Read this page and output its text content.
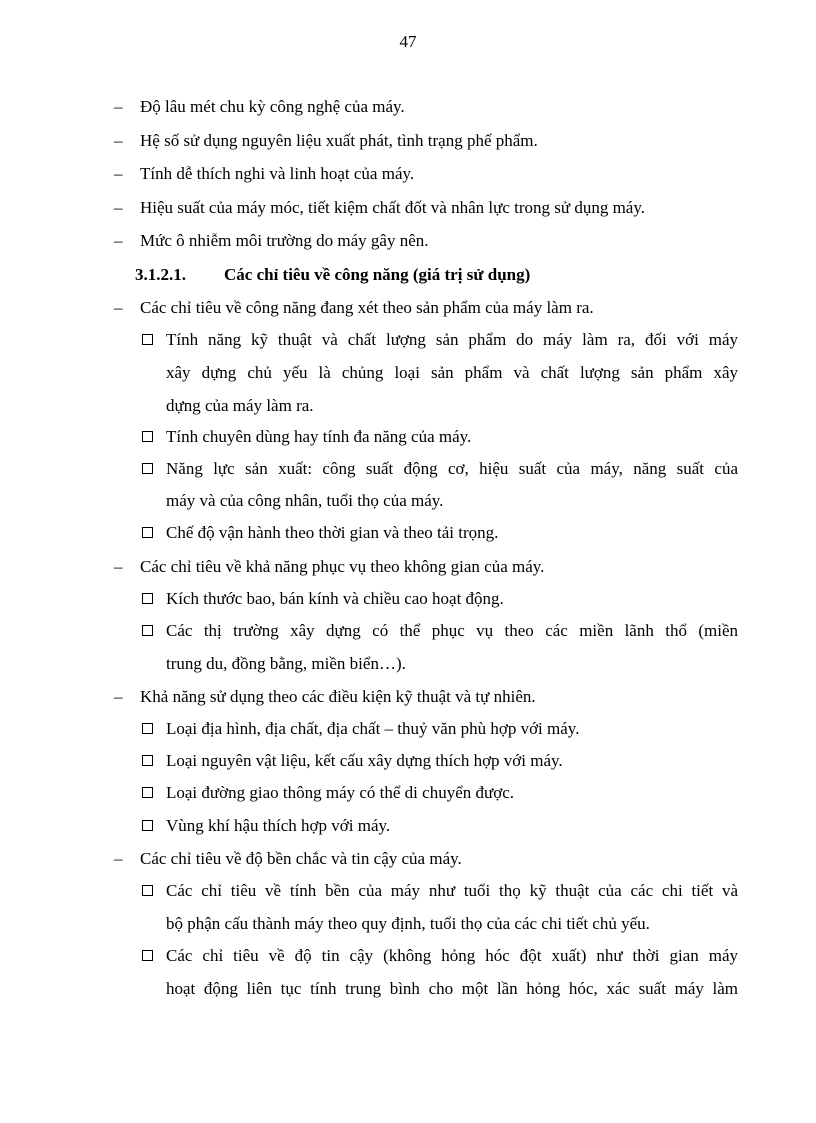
47
– Độ lâu mét chu kỳ công nghệ của máy.
– Hệ số sử dụng nguyên liệu xuất phát, tình trạng phế phẩm.
– Tính dễ thích nghi và linh hoạt của máy.
– Hiệu suất của máy móc, tiết kiệm chất đốt và nhân lực trong sử dụng máy.
– Mức ô nhiễm môi trường do máy gây nên.
3.1.2.1. Các chỉ tiêu về công năng (giá trị sử dụng)
– Các chỉ tiêu về công năng đang xét theo sản phẩm của máy làm ra.
Tính năng kỹ thuật và chất lượng sản phẩm do máy làm ra, đối với máy
xây dựng chủ yếu là chủng loại sản phẩm và chất lượng sản phẩm xây
dựng của máy làm ra.
Tính chuyên dùng hay tính đa năng của máy.
Năng lực sản xuất: công suất động cơ, hiệu suất của máy, năng suất của
máy và của công nhân, tuổi thọ của máy.
Chế độ vận hành theo thời gian và theo tải trọng.
– Các chỉ tiêu về khả năng phục vụ theo không gian của máy.
Kích thước bao, bán kính và chiều cao hoạt động.
Các thị trường xây dựng có thể phục vụ theo các miền lãnh thổ (miền
trung du, đồng bằng, miền biển…).
– Khả năng sử dụng theo các điều kiện kỹ thuật và tự nhiên.
Loại địa hình, địa chất, địa chất – thuỷ văn phù hợp với máy.
Loại nguyên vật liệu, kết cấu xây dựng thích hợp với máy.
Loại đường giao thông máy có thể di chuyển được.
Vùng khí hậu thích hợp với máy.
– Các chỉ tiêu về độ bền chắc và tin cậy của máy.
Các chỉ tiêu về tính bền của máy như tuổi thọ kỹ thuật của các chi tiết và
bộ phận cấu thành máy theo quy định, tuổi thọ của các chi tiết chủ yếu.
Các chỉ tiêu về độ tin cậy (không hỏng hóc đột xuất) như thời gian máy
hoạt động liên tục tính trung bình cho một lần hỏng hóc, xác suất máy làm
